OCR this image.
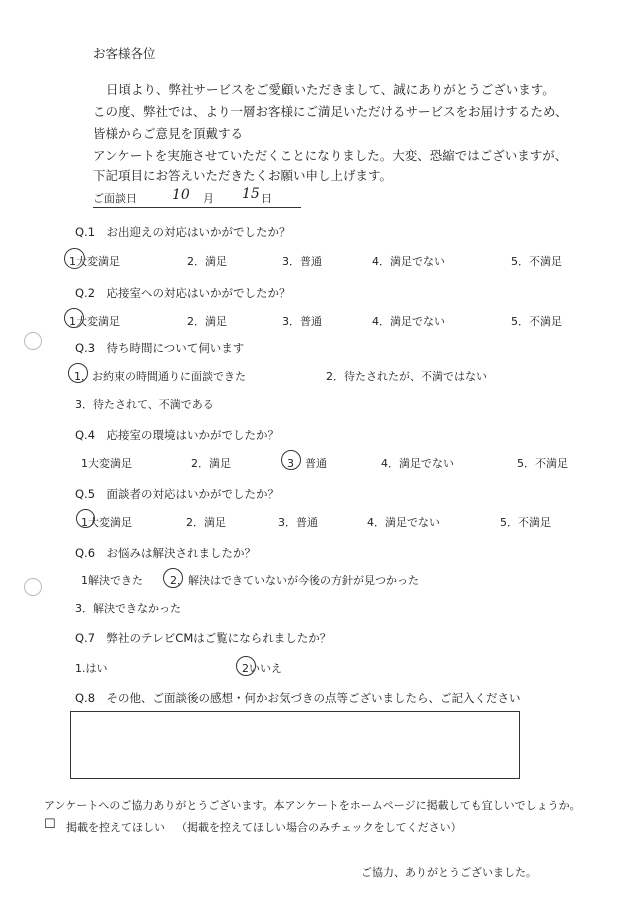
お客様各位
日頃より、弊社サービスをご愛顧いただきまして、誠にありがとうございます。
この度、弊社では、より一層お客様にご満足いただけるサービスをお届けするため、
皆様からご意見を頂戴する
アンケートを実施させていただくことになりました。大変、恐縮ではございますが、
下記項目にお答えいただきたくお願い申し上げます。
ご面談日	10 月 15 日
Q.1　お出迎えの対応はいかがでしたか？
1大変満足	2．満足	3．普通	4．満足でない	5．不満足
Q.2　応接室への対応はいかがでしたか？
1大変満足	2．満足	3．普通	4．満足でない	5．不満足
Q.3　待ち時間について伺います
1．お約束の時間通りに面談できた	2．待たされたが、不満ではない
3．待たされて、不満である
Q.4　応接室の環境はいかがでしたか？
1大変満足	2．満足	3　普通	4．満足でない	5．不満足
Q.5　面談者の対応はいかがでしたか？
1大変満足	2．満足	3．普通	4．満足でない	5．不満足
Q.6　お悩みは解決されましたか？
1解決できた 2．解決はできていないが今後の方針が見つかった
3．解決できなかった
Q.7　弊社のテレビCMはご覧になられましたか？
1.はい	2いいえ
Q.8　その他、ご面談後の感想・何かお気づきの点等ございましたら、ご記入ください
アンケートへのご協力ありがとうございます。本アンケートをホームページに掲載しても宜しいでしょうか。
☐ 掲載を控えてほしい （掲載を控えてほしい場合のみチェックをしてください）
ご協力、ありがとうございました。
